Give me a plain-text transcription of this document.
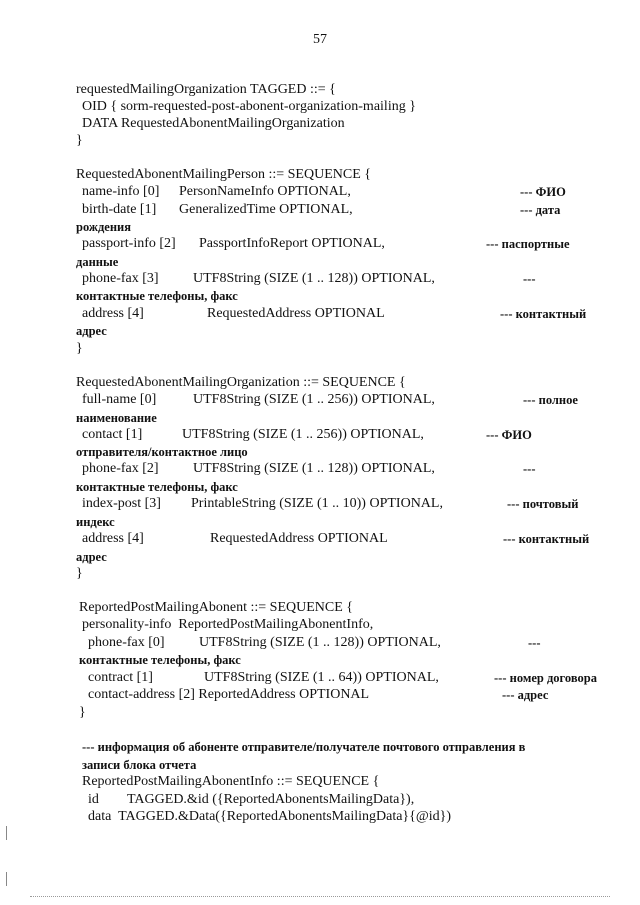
57
requestedMailingOrganization TAGGED ::= {
OID { sorm-requested-post-abonent-organization-mailing }
DATA RequestedAbonentMailingOrganization
}
RequestedAbonentMailingPerson ::= SEQUENCE {
name-info [0] PersonNameInfo OPTIONAL,	--- ФИО
birth-date [1] GeneralizedTime OPTIONAL,	--- дата
рождения
passport-info [2] PassportInfoReport OPTIONAL,	--- паспортные
данные
phone-fax [3] UTF8String (SIZE (1 .. 128)) OPTIONAL,	---
контактные телефоны, факс
address [4]	RequestedAddress OPTIONAL	--- контактный
адрес
}
RequestedAbonentMailingOrganization ::= SEQUENCE {
full-name [0]	UTF8String (SIZE (1 .. 256)) OPTIONAL,	--- полное
наименование
contact [1]	UTF8String (SIZE (1 .. 256)) OPTIONAL,	--- ФИО
отправителя/контактное лицо
phone-fax [2] UTF8String (SIZE (1 .. 128)) OPTIONAL,	---
контактные телефоны, факс
index-post [3] PrintableString (SIZE (1 .. 10)) OPTIONAL,	--- почтовый
индекс
address [4]	RequestedAddress OPTIONAL	--- контактный
адрес
}
ReportedPostMailingAbonent ::= SEQUENCE {
personality-info  ReportedPostMailingAbonentInfo,
phone-fax [0] UTF8String (SIZE (1 .. 128)) OPTIONAL,	---
контактные телефоны, факс
contract [1]	UTF8String (SIZE (1 .. 64)) OPTIONAL,	--- номер договора
contact-address [2] ReportedAddress OPTIONAL	--- адрес
}
--- информация об абоненте отправителе/получателе почтового отправления в
записи блока отчета
ReportedPostMailingAbonentInfo ::= SEQUENCE {
id TAGGED.&id ({ReportedAbonentsMailingData}),
data  TAGGED.&Data({ReportedAbonentsMailingData}{@id})
